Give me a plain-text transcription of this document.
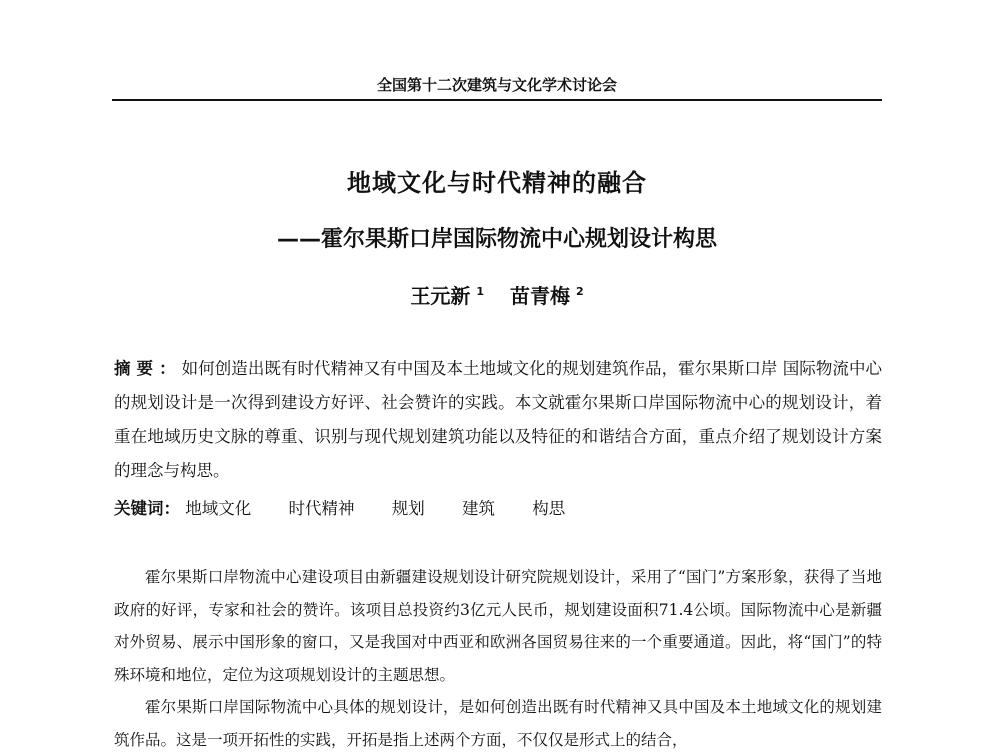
全国第十二次建筑与文化学术讨论会
地域文化与时代精神的融合
——霍尔果斯口岸国际物流中心规划设计构思
王元新 $^1$ 苗青梅 $^2$
摘要：如何创造出既有时代精神又有中国及本土地域文化的规划建筑作品，霍尔果斯口岸 国际物流中心的规划设计是一次得到建设方好评、社会赞许的实践。本文就霍尔果斯口岸国际物流中心的规划设计，着重在地域历史文脉的尊重、识别与现代规划建筑功能以及特征的和谐结合方面，重点介绍了规划设计方案的理念与构思。
关键词： 地域文化 时代精神 规划 建筑 构思

霍尔果斯口岸物流中心建设项目由新疆建设规划设计研究院规划设计，采用了“国门”方案形象，获得了当地政府的好评，专家和社会的赞许。该项目总投资约3亿元人民币，规划建设面积71.4公顷。国际物流中心是新疆对外贸易、展示中国形象的窗口，又是我国对中西亚和欧洲各国贸易往来的一个重要通道。因此，将“国门”的特殊环境和地位，定位为这项规划设计的主题思想。

霍尔果斯口岸国际物流中心具体的规划设计，是如何创造出既有时代精神又具中国及本土地域文化的规划建筑作品。这是一项开拓性的实践，开拓是指上述两个方面，不仅仅是形式上的结合，
